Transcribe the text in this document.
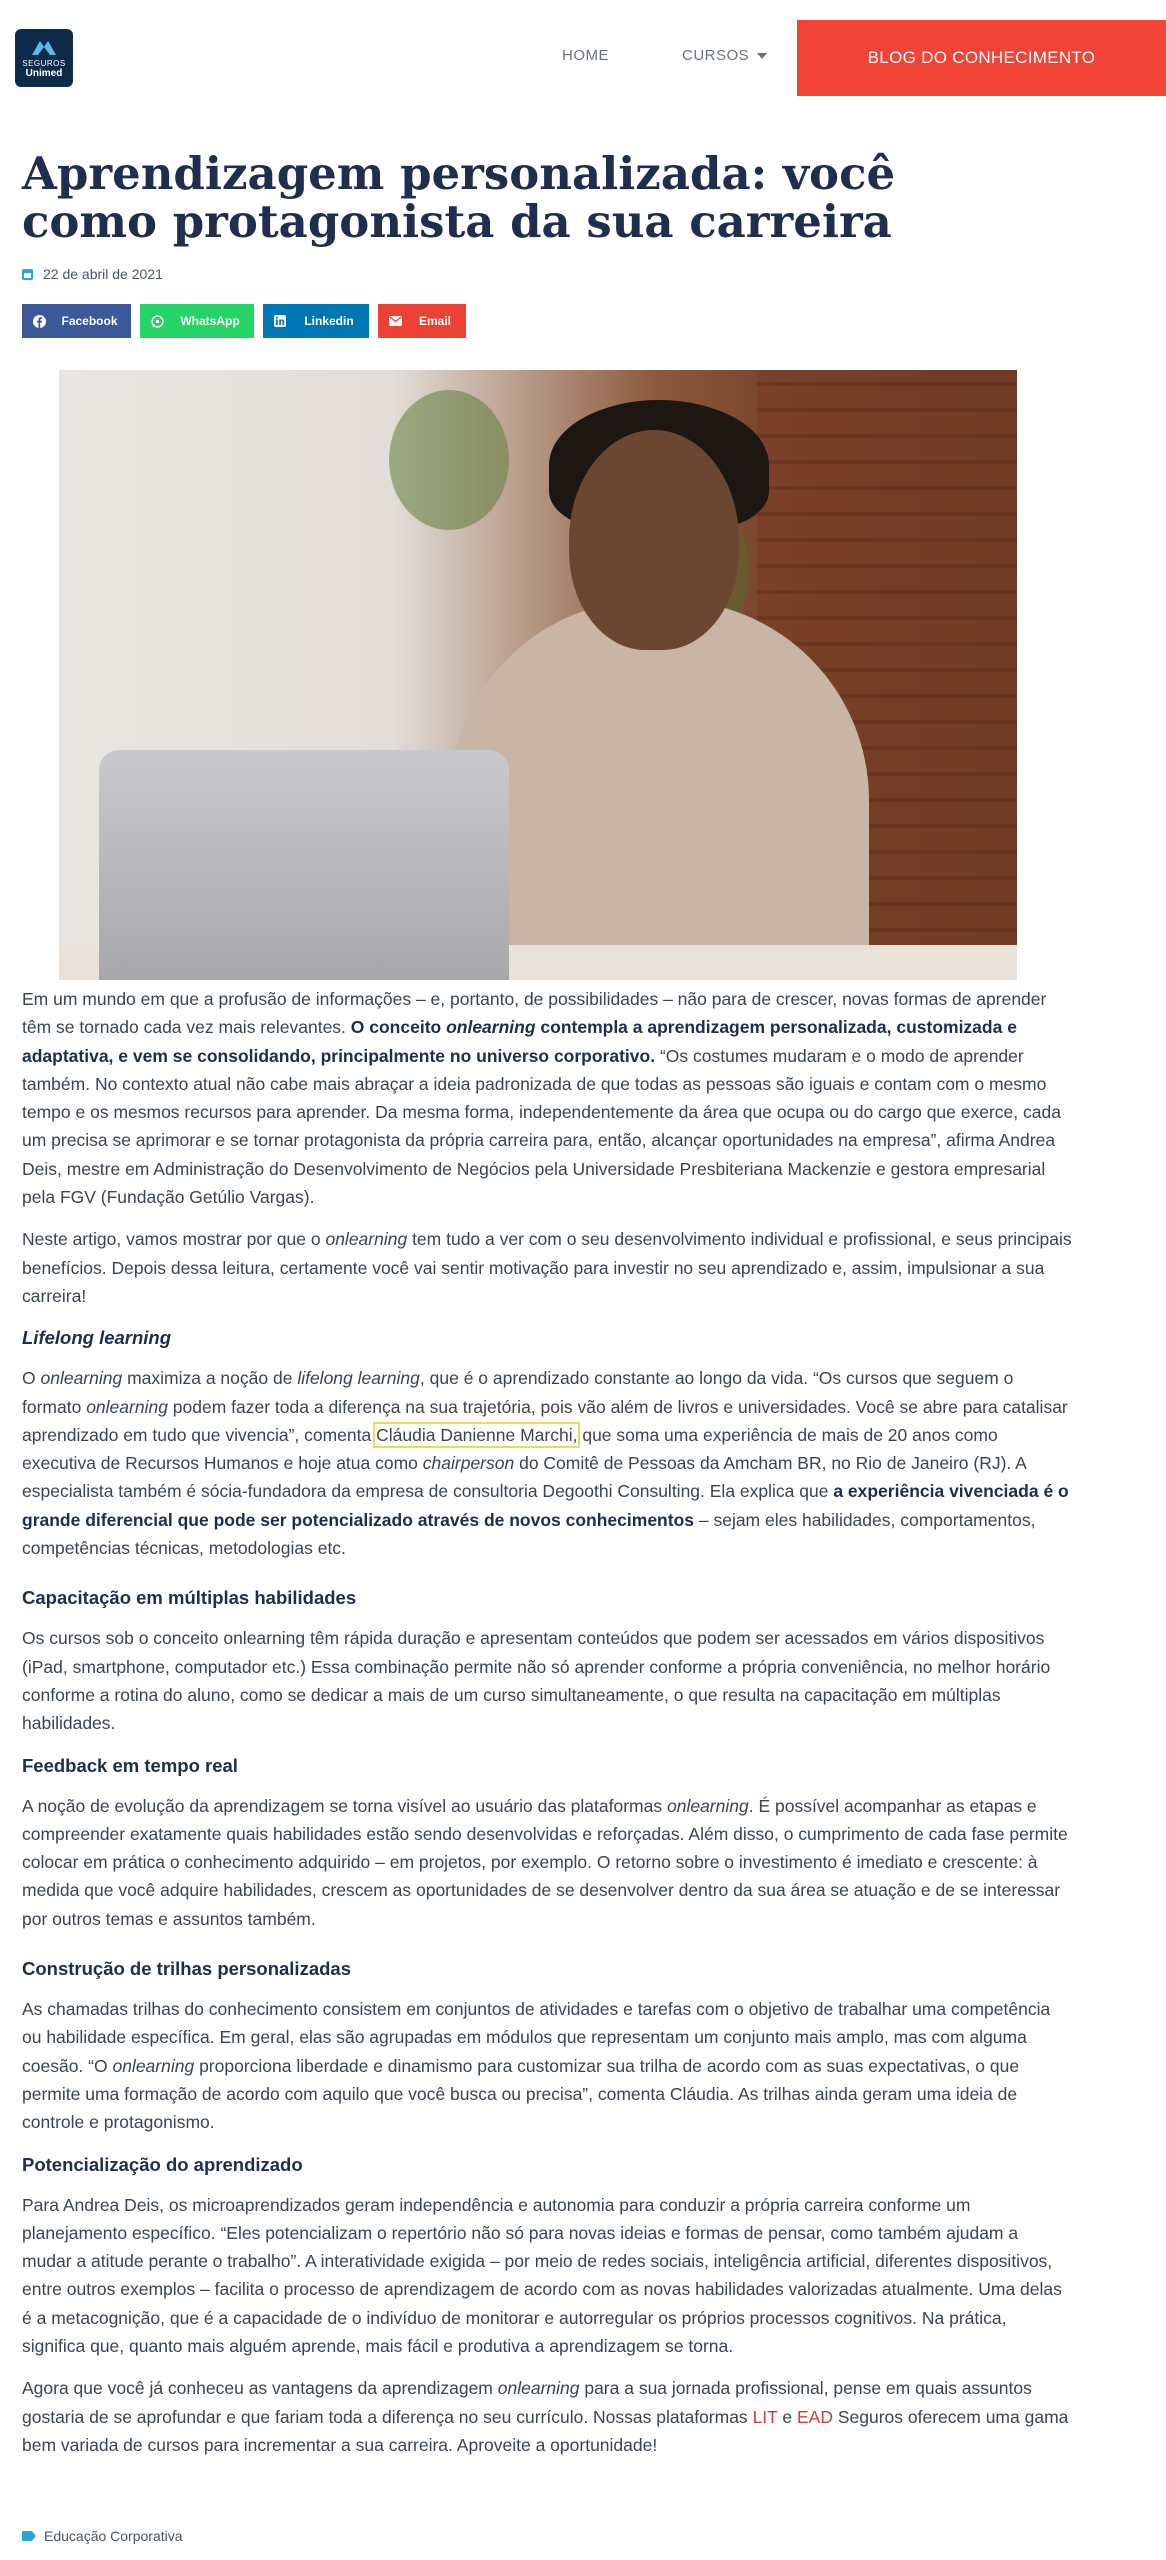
SEGUROS
Unimed
HOME	CURSOS	BLOG DO CONHECIMENTO
Aprendizagem personalizada: você como protagonista da sua carreira
22 de abril de 2021
Facebook	WhatsApp	Linkedin	Email

Em um mundo em que a profusão de informações – e, portanto, de possibilidades – não para de crescer, novas formas de aprender têm se tornado cada vez mais relevantes. O conceito onlearning contempla a aprendizagem personalizada, customizada e adaptativa, e vem se consolidando, principalmente no universo corporativo. “Os costumes mudaram e o modo de aprender também. No contexto atual não cabe mais abraçar a ideia padronizada de que todas as pessoas são iguais e contam com o mesmo tempo e os mesmos recursos para aprender. Da mesma forma, independentemente da área que ocupa ou do cargo que exerce, cada um precisa se aprimorar e se tornar protagonista da própria carreira para, então, alcançar oportunidades na empresa”, afirma Andrea Deis, mestre em Administração do Desenvolvimento de Negócios pela Universidade Presbiteriana Mackenzie e gestora empresarial pela FGV (Fundação Getúlio Vargas).

Neste artigo, vamos mostrar por que o onlearning tem tudo a ver com o seu desenvolvimento individual e profissional, e seus principais benefícios. Depois dessa leitura, certamente você vai sentir motivação para investir no seu aprendizado e, assim, impulsionar a sua carreira!

Lifelong learning

O onlearning maximiza a noção de lifelong learning, que é o aprendizado constante ao longo da vida. “Os cursos que seguem o formato onlearning podem fazer toda a diferença na sua trajetória, pois vão além de livros e universidades. Você se abre para catalisar aprendizado em tudo que vivencia”, comenta Cláudia Danienne Marchi, que soma uma experiência de mais de 20 anos como executiva de Recursos Humanos e hoje atua como chairperson do Comitê de Pessoas da Amcham BR, no Rio de Janeiro (RJ). A especialista também é sócia-fundadora da empresa de consultoria Degoothi Consulting. Ela explica que a experiência vivenciada é o grande diferencial que pode ser potencializado através de novos conhecimentos – sejam eles habilidades, comportamentos, competências técnicas, metodologias etc.

Capacitação em múltiplas habilidades

Os cursos sob o conceito onlearning têm rápida duração e apresentam conteúdos que podem ser acessados em vários dispositivos (iPad, smartphone, computador etc.) Essa combinação permite não só aprender conforme a própria conveniência, no melhor horário conforme a rotina do aluno, como se dedicar a mais de um curso simultaneamente, o que resulta na capacitação em múltiplas habilidades.

Feedback em tempo real

A noção de evolução da aprendizagem se torna visível ao usuário das plataformas onlearning. É possível acompanhar as etapas e compreender exatamente quais habilidades estão sendo desenvolvidas e reforçadas. Além disso, o cumprimento de cada fase permite colocar em prática o conhecimento adquirido – em projetos, por exemplo. O retorno sobre o investimento é imediato e crescente: à medida que você adquire habilidades, crescem as oportunidades de se desenvolver dentro da sua área se atuação e de se interessar por outros temas e assuntos também.

Construção de trilhas personalizadas

As chamadas trilhas do conhecimento consistem em conjuntos de atividades e tarefas com o objetivo de trabalhar uma competência ou habilidade específica. Em geral, elas são agrupadas em módulos que representam um conjunto mais amplo, mas com alguma coesão. “O onlearning proporciona liberdade e dinamismo para customizar sua trilha de acordo com as suas expectativas, o que permite uma formação de acordo com aquilo que você busca ou precisa”, comenta Cláudia. As trilhas ainda geram uma ideia de controle e protagonismo.

Potencialização do aprendizado

Para Andrea Deis, os microaprendizados geram independência e autonomia para conduzir a própria carreira conforme um planejamento específico. “Eles potencializam o repertório não só para novas ideias e formas de pensar, como também ajudam a mudar a atitude perante o trabalho”. A interatividade exigida – por meio de redes sociais, inteligência artificial, diferentes dispositivos, entre outros exemplos – facilita o processo de aprendizagem de acordo com as novas habilidades valorizadas atualmente. Uma delas é a metacognição, que é a capacidade de o indivíduo de monitorar e autorregular os próprios processos cognitivos. Na prática, significa que, quanto mais alguém aprende, mais fácil e produtiva a aprendizagem se torna.

Agora que você já conheceu as vantagens da aprendizagem onlearning para a sua jornada profissional, pense em quais assuntos gostaria de se aprofundar e que fariam toda a diferença no seu currículo. Nossas plataformas LIT e EAD Seguros oferecem uma gama bem variada de cursos para incrementar a sua carreira. Aproveite a oportunidade!

Educação Corporativa
